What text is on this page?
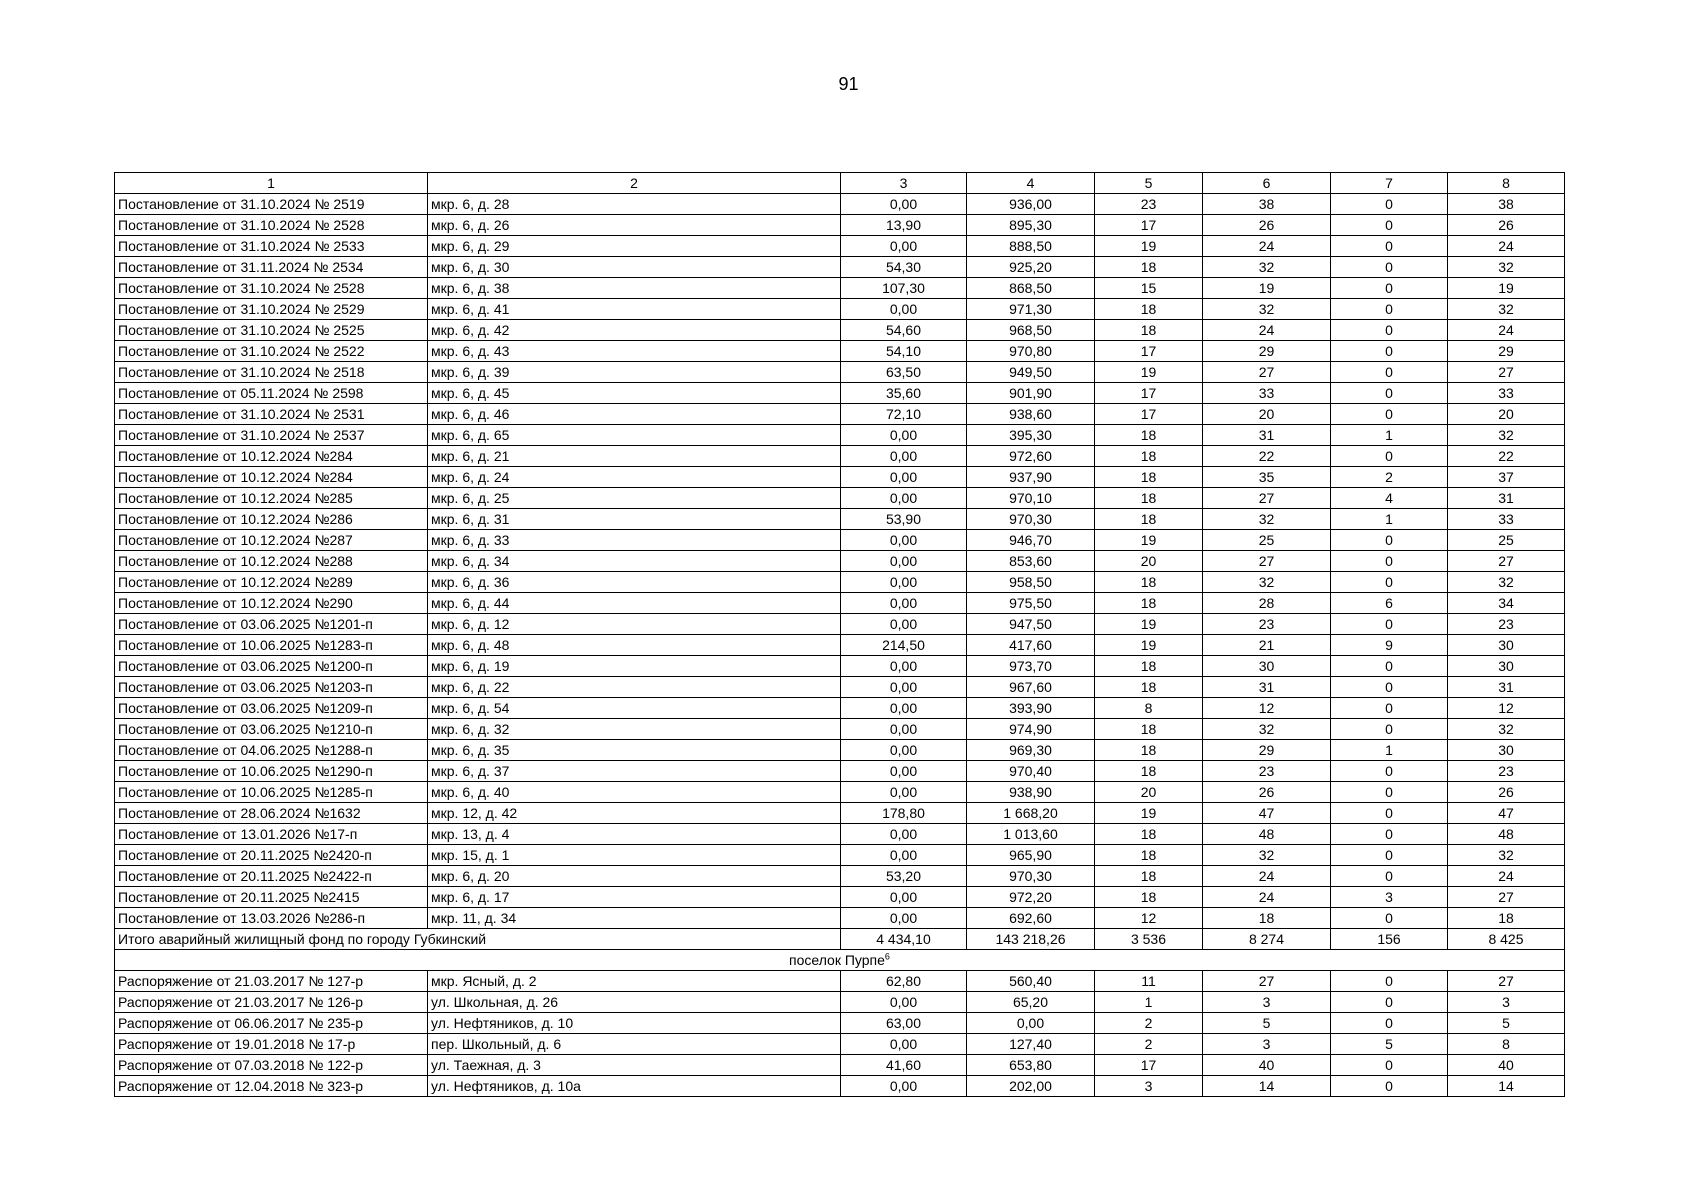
91
1	2	3	4	5	6	7	8
Постановление от 31.10.2024 № 2519	мкр. 6, д. 28	0,00	936,00	23	38	0	38
Постановление от 31.10.2024 № 2528	мкр. 6, д. 26	13,90	895,30	17	26	0	26
Постановление от 31.10.2024 № 2533	мкр. 6, д. 29	0,00	888,50	19	24	0	24
Постановление от 31.11.2024 № 2534	мкр. 6, д. 30	54,30	925,20	18	32	0	32
Постановление от 31.10.2024 № 2528	мкр. 6, д. 38	107,30	868,50	15	19	0	19
Постановление от 31.10.2024 № 2529	мкр. 6, д. 41	0,00	971,30	18	32	0	32
Постановление от 31.10.2024 № 2525	мкр. 6, д. 42	54,60	968,50	18	24	0	24
Постановление от 31.10.2024 № 2522	мкр. 6, д. 43	54,10	970,80	17	29	0	29
Постановление от 31.10.2024 № 2518	мкр. 6, д. 39	63,50	949,50	19	27	0	27
Постановление от 05.11.2024 № 2598	мкр. 6, д. 45	35,60	901,90	17	33	0	33
Постановление от 31.10.2024 № 2531	мкр. 6, д. 46	72,10	938,60	17	20	0	20
Постановление от 31.10.2024 № 2537	мкр. 6, д. 65	0,00	395,30	18	31	1	32
Постановление от 10.12.2024 №284	мкр. 6, д. 21	0,00	972,60	18	22	0	22
Постановление от 10.12.2024 №284	мкр. 6, д. 24	0,00	937,90	18	35	2	37
Постановление от 10.12.2024 №285	мкр. 6, д. 25	0,00	970,10	18	27	4	31
Постановление от 10.12.2024 №286	мкр. 6, д. 31	53,90	970,30	18	32	1	33
Постановление от 10.12.2024 №287	мкр. 6, д. 33	0,00	946,70	19	25	0	25
Постановление от 10.12.2024 №288	мкр. 6, д. 34	0,00	853,60	20	27	0	27
Постановление от 10.12.2024 №289	мкр. 6, д. 36	0,00	958,50	18	32	0	32
Постановление от 10.12.2024 №290	мкр. 6, д. 44	0,00	975,50	18	28	6	34
Постановление от 03.06.2025 №1201-п	мкр. 6, д. 12	0,00	947,50	19	23	0	23
Постановление от 10.06.2025 №1283-п	мкр. 6, д. 48	214,50	417,60	19	21	9	30
Постановление от 03.06.2025 №1200-п	мкр. 6, д. 19	0,00	973,70	18	30	0	30
Постановление от 03.06.2025 №1203-п	мкр. 6, д. 22	0,00	967,60	18	31	0	31
Постановление от 03.06.2025 №1209-п	мкр. 6, д. 54	0,00	393,90	8	12	0	12
Постановление от 03.06.2025 №1210-п	мкр. 6, д. 32	0,00	974,90	18	32	0	32
Постановление от 04.06.2025 №1288-п	мкр. 6, д. 35	0,00	969,30	18	29	1	30
Постановление от 10.06.2025 №1290-п	мкр. 6, д. 37	0,00	970,40	18	23	0	23
Постановление от 10.06.2025 №1285-п	мкр. 6, д. 40	0,00	938,90	20	26	0	26
Постановление от 28.06.2024 №1632	мкр. 12, д. 42	178,80	1 668,20	19	47	0	47
Постановление от 13.01.2026 №17-п	мкр. 13, д. 4	0,00	1 013,60	18	48	0	48
Постановление от 20.11.2025 №2420-п	мкр. 15, д. 1	0,00	965,90	18	32	0	32
Постановление от 20.11.2025 №2422-п	мкр. 6, д. 20	53,20	970,30	18	24	0	24
Постановление от 20.11.2025 №2415	мкр. 6, д. 17	0,00	972,20	18	24	3	27
Постановление от 13.03.2026 №286-п	мкр. 11, д. 34	0,00	692,60	12	18	0	18
Итого аварийный жилищный фонд по городу Губкинский		4 434,10	143 218,26	3 536	8 274	156	8 425
поселок Пурпе$^6$
Распоряжение от 21.03.2017 № 127-р	мкр. Ясный, д. 2	62,80	560,40	11	27	0	27
Распоряжение от 21.03.2017 № 126-р	ул. Школьная, д. 26	0,00	65,20	1	3	0	3
Распоряжение от 06.06.2017 № 235-р	ул. Нефтяников, д. 10	63,00	0,00	2	5	0	5
Распоряжение от 19.01.2018 № 17-р	пер. Школьный, д. 6	0,00	127,40	2	3	5	8
Распоряжение от 07.03.2018 № 122-р	ул. Таежная, д. 3	41,60	653,80	17	40	0	40
Распоряжение от 12.04.2018 № 323-р	ул. Нефтяников, д. 10а	0,00	202,00	3	14	0	14
